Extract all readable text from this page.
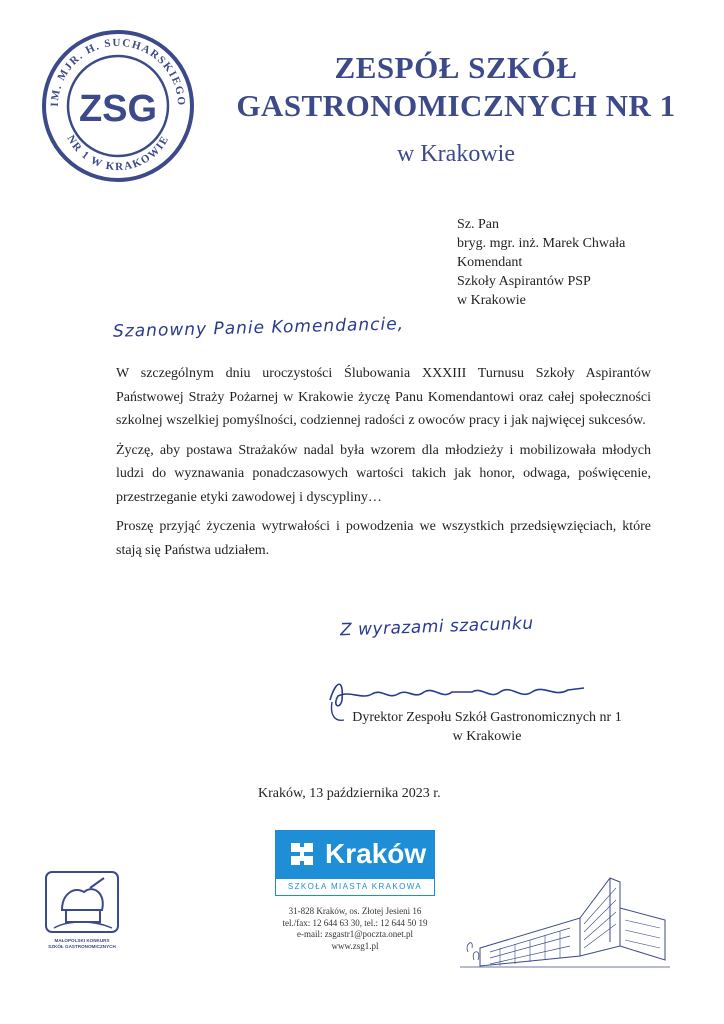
IM. MJR. H. SUCHARSKIEGO
NR 1 W KRAKOWIE
ZSG
ZESPÓŁ SZKÓŁ
GASTRONOMICZNYCH NR 1
w Krakowie
Sz. Pan
bryg. mgr. inż. Marek Chwała
Komendant
Szkoły Aspirantów PSP
w Krakowie
Szanowny Panie Komendancie,

W szczególnym dniu uroczystości Ślubowania XXXIII Turnusu Szkoły Aspirantów Państwowej Straży Pożarnej w Krakowie życzę Panu Komendantowi oraz całej społeczności szkolnej wszelkiej pomyślności, codziennej radości z owoców pracy i jak najwięcej sukcesów.

Życzę, aby postawa Strażaków nadal była wzorem dla młodzieży i mobilizowała młodych ludzi do wyznawania ponadczasowych wartości takich jak honor, odwaga, poświęcenie, przestrzeganie etyki zawodowej i dyscypliny…

Proszę przyjąć życzenia wytrwałości i powodzenia we wszystkich przedsięwzięciach, które stają się Państwa udziałem.

Z wyrazami szacunku
Dyrektor Zespołu Szkół Gastronomicznych nr 1
w Krakowie
Kraków, 13 października 2023 r.
Kraków
SZKOŁA MIASTA KRAKOWA
31-828 Kraków, os. Złotej Jesieni 16
tel./fax: 12 644 63 30, tel.: 12 644 50 19
e-mail: zsgastr1@poczta.onet.pl
www.zsg1.pl
MAŁOPOLSKI KONKURS
SZKÓŁ GASTRONOMICZNYCH
